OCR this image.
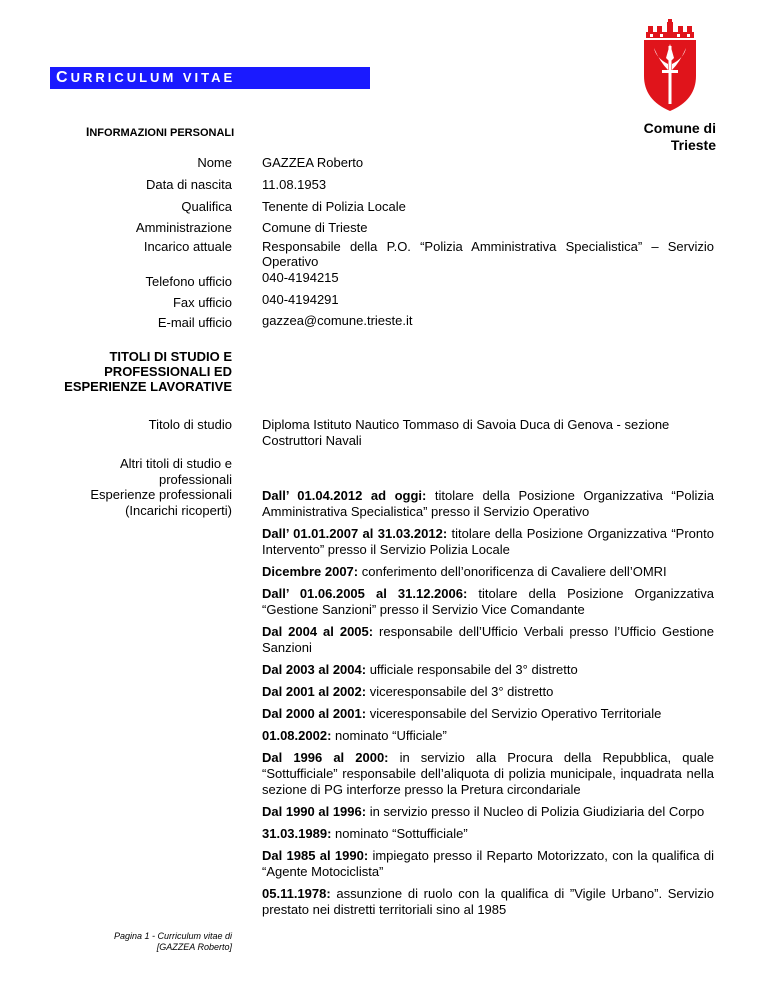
CURRICULUM VITAE
Comune di
Trieste
INFORMAZIONI PERSONALI
Nome GAZZEA Roberto
Data di nascita 11.08.1953
Qualifica Tenente di Polizia Locale
Amministrazione Comune di Trieste
Incarico attuale Responsabile della P.O. “Polizia Amministrativa Specialistica” – Servizio Operativo
Telefono ufficio 040-4194215
Fax ufficio 040-4194291
E-mail ufficio gazzea@comune.trieste.it
TITOLI DI STUDIO E
PROFESSIONALI ED
ESPERIENZE LAVORATIVE
Titolo di studio Diploma Istituto Nautico Tommaso di Savoia Duca di Genova - sezione Costruttori Navali
Altri titoli di studio e
professionali
Esperienze professionali
(Incarichi ricoperti)

Dall’ 01.04.2012 ad oggi: titolare della Posizione Organizzativa “Polizia Amministrativa Specialistica” presso il Servizio Operativo

Dall’ 01.01.2007 al 31.03.2012: titolare della Posizione Organizzativa “Pronto Intervento” presso il Servizio Polizia Locale

Dicembre 2007: conferimento dell’onorificenza di Cavaliere dell’OMRI

Dall’ 01.06.2005 al 31.12.2006: titolare della Posizione Organizzativa “Gestione Sanzioni” presso il Servizio Vice Comandante

Dal 2004 al 2005: responsabile dell’Ufficio Verbali presso l’Ufficio Gestione Sanzioni

Dal 2003 al 2004: ufficiale responsabile del 3° distretto

Dal 2001 al 2002: viceresponsabile del 3° distretto

Dal 2000 al 2001: viceresponsabile del Servizio Operativo Territoriale

01.08.2002: nominato “Ufficiale”

Dal 1996 al 2000: in servizio alla Procura della Repubblica, quale “Sottufficiale” responsabile dell’aliquota di polizia municipale, inquadrata nella sezione di PG interforze presso la Pretura circondariale

Dal 1990 al 1996: in servizio presso il Nucleo di Polizia Giudiziaria del Corpo

31.03.1989: nominato “Sottufficiale”

Dal 1985 al 1990: impiegato presso il Reparto Motorizzato, con la qualifica di “Agente Motociclista”

05.11.1978: assunzione di ruolo con la qualifica di ”Vigile Urbano”. Servizio prestato nei distretti territoriali sino al 1985

Pagina 1 - Curriculum vitae di
[GAZZEA Roberto]
